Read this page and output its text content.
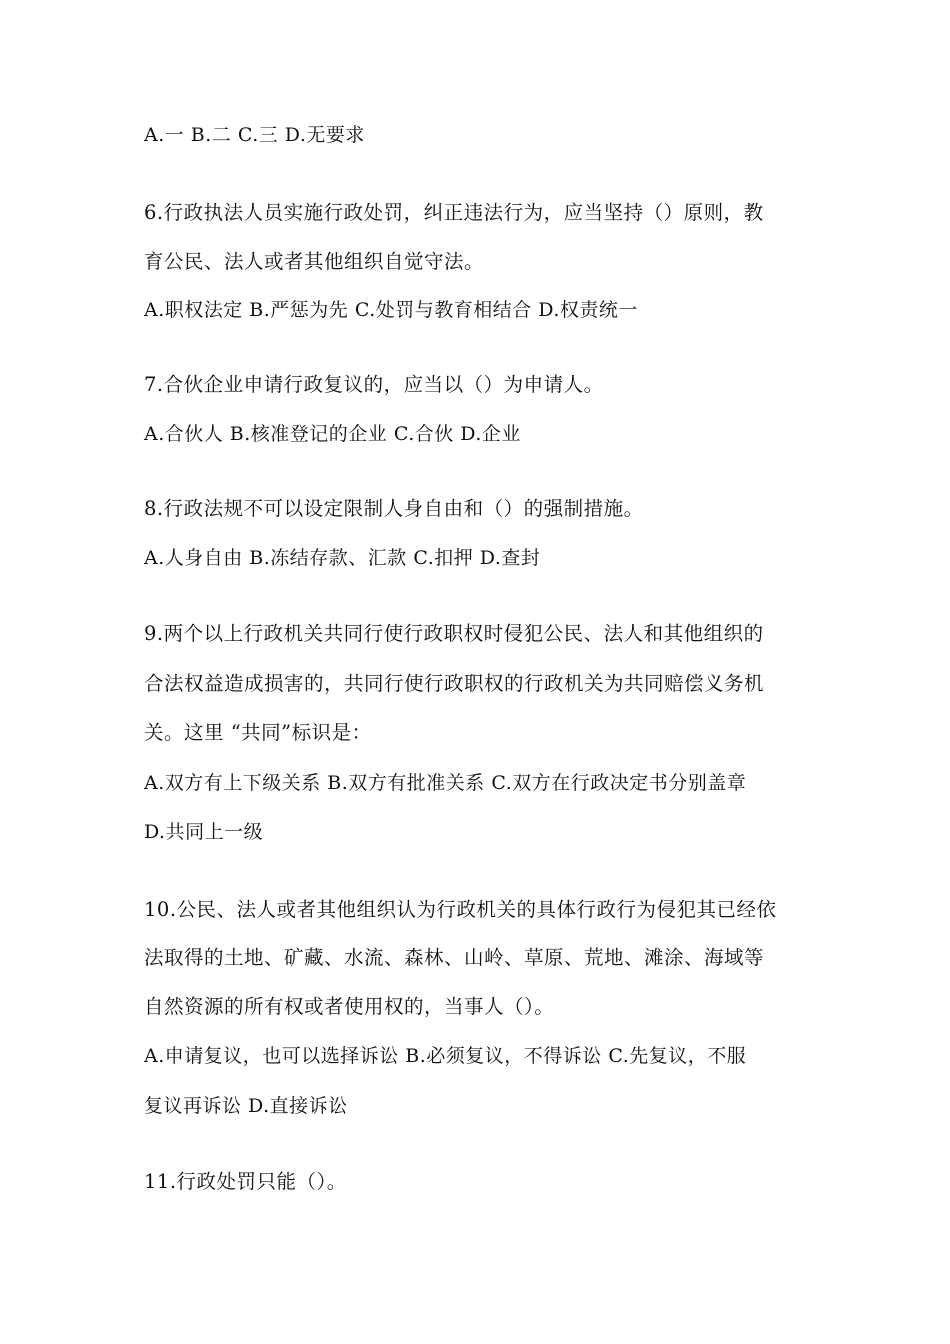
A.一 B.二 C.三 D.无要求
6.行政执法人员实施行政处罚，纠正违法行为，应当坚持（）原则，教
育公民、法人或者其他组织自觉守法。
A.职权法定 B.严惩为先 C.处罚与教育相结合 D.权责统一
7.合伙企业申请行政复议的，应当以（）为申请人。
A.合伙人 B.核准登记的企业 C.合伙 D.企业
8.行政法规不可以设定限制人身自由和（）的强制措施。
A.人身自由 B.冻结存款、汇款 C.扣押 D.查封
9.两个以上行政机关共同行使行政职权时侵犯公民、法人和其他组织的
合法权益造成损害的，共同行使行政职权的行政机关为共同赔偿义务机
关。这里 “共同”标识是：
A.双方有上下级关系 B.双方有批准关系 C.双方在行政决定书分别盖章
D.共同上一级
10.公民、法人或者其他组织认为行政机关的具体行政行为侵犯其已经依
法取得的土地、矿藏、水流、森林、山岭、草原、荒地、滩涂、海域等
自然资源的所有权或者使用权的，当事人（）。
A.申请复议，也可以选择诉讼 B.必须复议，不得诉讼 C.先复议，不服
复议再诉讼 D.直接诉讼
11.行政处罚只能（）。
